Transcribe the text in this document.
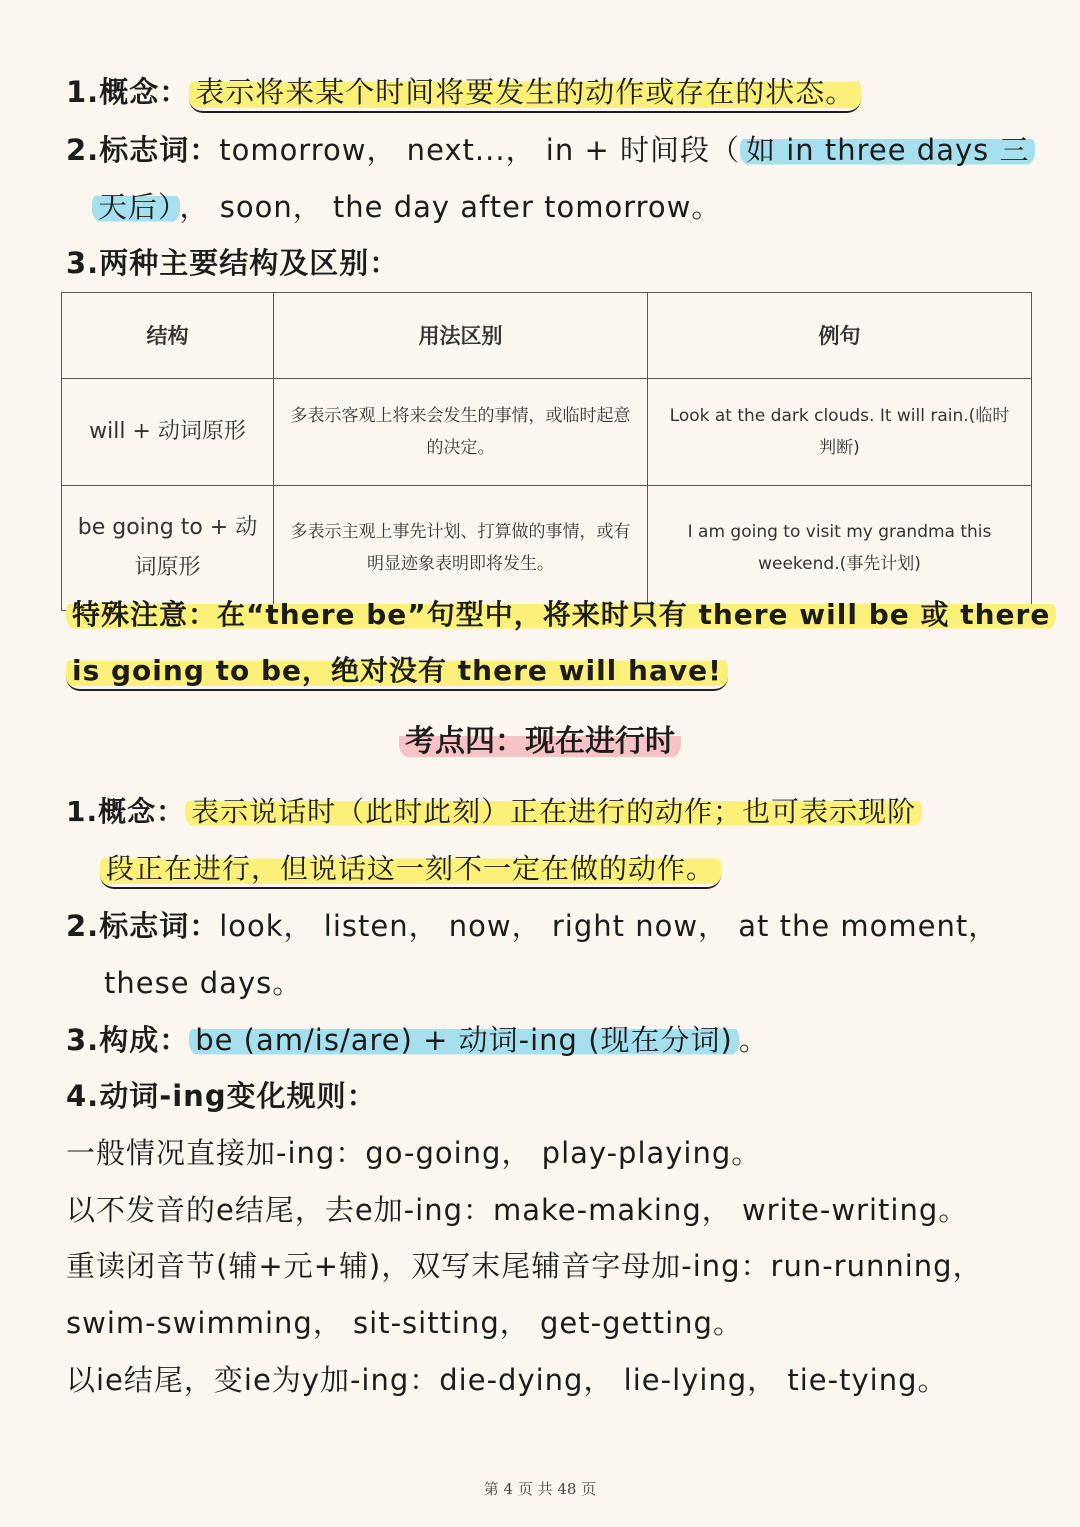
1.概念： 表示将来某个时间将要发生的动作或存在的状态。
2.标志词：tomorrow， next...， in + 时间段（ 如 in three days 三
天后） ， soon， the day after tomorrow。
3.两种主要结构及区别：
结构	用法区别	例句
will + 动词原形	多表示客观上将来会发生的事情，或临时起意的决定。	Look at the dark clouds. It will rain.(临时判断)
be going to + 动词原形	多表示主观上事先计划、打算做的事情，或有明显迹象表明即将发生。	I am going to visit my grandma this weekend.(事先计划)
特殊注意：在“there be”句型中，将来时只有 there will be 或 there
is going to be，绝对没有 there will have!
考点四：现在进行时
1.概念： 表示说话时（此时此刻）正在进行的动作；也可表示现阶
段正在进行，但说话这一刻不一定在做的动作。
2.标志词：look， listen， now， right now， at the moment，
these days。
3.构成： be (am/is/are) + 动词-ing (现在分词) 。
4.动词-ing变化规则：
一般情况直接加-ing：go-going， play-playing。
以不发音的e结尾，去e加-ing：make-making， write-writing。
重读闭音节(辅+元+辅)，双写末尾辅音字母加-ing：run-running，
swim-swimming， sit-sitting， get-getting。
以ie结尾，变ie为y加-ing：die-dying， lie-lying， tie-tying。
第 4 页 共 48 页
